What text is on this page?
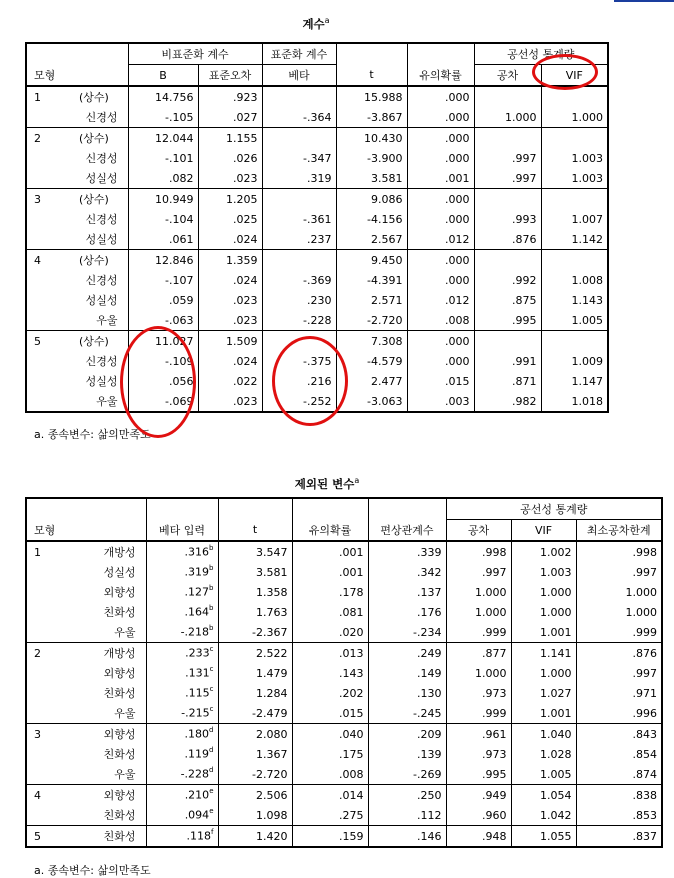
계수$^a$
		비표준화 계수		표준화 계수			공선성 통계량	
모형		B	표준오차	베타	t	유의확률	공차	VIF
1	(상수)	14.756	.923		15.988	.000		
	신경성	-.105	.027	-.364	-3.867	.000	1.000	1.000
2	(상수)	12.044	1.155		10.430	.000		
	신경성	-.101	.026	-.347	-3.900	.000	.997	1.003
	성실성	.082	.023	.319	3.581	.001	.997	1.003
3	(상수)	10.949	1.205		9.086	.000		
	신경성	-.104	.025	-.361	-4.156	.000	.993	1.007
	성실성	.061	.024	.237	2.567	.012	.876	1.142
4	(상수)	12.846	1.359		9.450	.000		
	신경성	-.107	.024	-.369	-4.391	.000	.992	1.008
	성실성	.059	.023	.230	2.571	.012	.875	1.143
	우울	-.063	.023	-.228	-2.720	.008	.995	1.005
5	(상수)	11.027	1.509		7.308	.000		
	신경성	-.109	.024	-.375	-4.579	.000	.991	1.009
	성실성	.056	.022	.216	2.477	.015	.871	1.147
	우울	-.069	.023	-.252	-3.063	.003	.982	1.018
a. 종속변수: 삶의만족도
제외된 변수$^a$
						공선성 통계량		
모형		베타 입력	t	유의확률	편상관계수	공차	VIF	최소공차한계
1	개방성	.316$^b$	3.547	.001	.339	.998	1.002	.998
	성실성	.319$^b$	3.581	.001	.342	.997	1.003	.997
	외향성	.127$^b$	1.358	.178	.137	1.000	1.000	1.000
	친화성	.164$^b$	1.763	.081	.176	1.000	1.000	1.000
	우울	-.218$^b$	-2.367	.020	-.234	.999	1.001	.999
2	개방성	.233$^c$	2.522	.013	.249	.877	1.141	.876
	외향성	.131$^c$	1.479	.143	.149	1.000	1.000	.997
	친화성	.115$^c$	1.284	.202	.130	.973	1.027	.971
	우울	-.215$^c$	-2.479	.015	-.245	.999	1.001	.996
3	외향성	.180$^d$	2.080	.040	.209	.961	1.040	.843
	친화성	.119$^d$	1.367	.175	.139	.973	1.028	.854
	우울	-.228$^d$	-2.720	.008	-.269	.995	1.005	.874
4	외향성	.210e	2.506	.014	.250	.949	1.054	.838
	친화성	.094e	1.098	.275	.112	.960	1.042	.853
5	친화성	.118$^f$	1.420	.159	.146	.948	1.055	.837
a. 종속변수: 삶의만족도
